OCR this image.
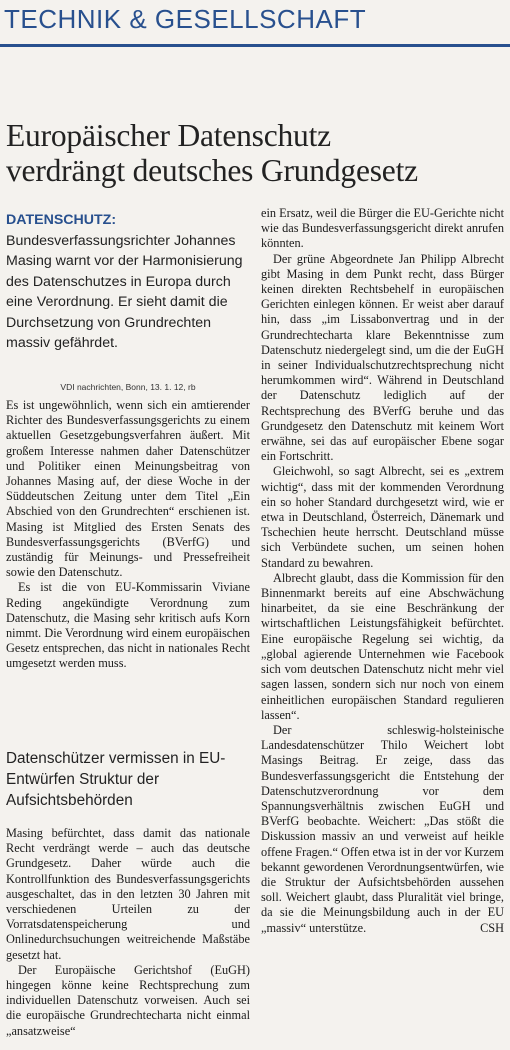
TECHNIK & GESELLSCHAFT
Europäischer Datenschutz
verdrängt deutsches Grundgesetz
DATENSCHUTZ: Bundesverfassungsrichter Johannes Masing warnt vor der Harmonisierung des Datenschutzes in Europa durch eine Verordnung. Er sieht damit die Durchsetzung von Grundrechten massiv gefährdet.
VDI nachrichten, Bonn, 13. 1. 12, rb

Es ist ungewöhnlich, wenn sich ein amtierender Richter des Bundesverfassungsgerichts zu einem aktuellen Gesetzgebungsverfahren äußert. Mit großem Interesse nahmen daher Datenschützer und Politiker einen Meinungsbeitrag von Johannes Masing auf, der diese Woche in der Süddeutschen Zeitung unter dem Titel „Ein Abschied von den Grundrechten“ erschienen ist. Masing ist Mitglied des Ersten Senats des Bundesverfassungsgerichts (BVerfG) und zuständig für Meinungs- und Pressefreiheit sowie den Datenschutz.

Es ist die von EU-Kommissarin Viviane Reding angekündigte Verordnung zum Datenschutz, die Masing sehr kritisch aufs Korn nimmt. Die Verordnung wird einem europäischen Gesetz entsprechen, das nicht in nationales Recht umgesetzt werden muss.

Datenschützer vermissen in EU-Entwürfen Struktur der Aufsichtsbehörden

Masing befürchtet, dass damit das nationale Recht verdrängt werde – auch das deutsche Grundgesetz. Daher würde auch die Kontrollfunktion des Bundesverfassungsgerichts ausgeschaltet, das in den letzten 30 Jahren mit verschiedenen Urteilen zu der Vorratsdatenspeicherung und Onlinedurchsuchungen weitreichende Maßstäbe gesetzt hat.

Der Europäische Gerichtshof (EuGH) hingegen könne keine Rechtsprechung zum individuellen Datenschutz vorweisen. Auch sei die europäische Grundrechtecharta nicht einmal „ansatzweise“

ein Ersatz, weil die Bürger die EU-Gerichte nicht wie das Bundesverfassungsgericht direkt anrufen könnten.

Der grüne Abgeordnete Jan Philipp Albrecht gibt Masing in dem Punkt recht, dass Bürger keinen direkten Rechtsbehelf in europäischen Gerichten einlegen können. Er weist aber darauf hin, dass „im Lissabonvertrag und in der Grundrechtecharta klare Bekenntnisse zum Datenschutz niedergelegt sind, um die der EuGH in seiner Individualschutzrechtsprechung nicht herumkommen wird“. Während in Deutschland der Datenschutz lediglich auf der Rechtsprechung des BVerfG beruhe und das Grundgesetz den Datenschutz mit keinem Wort erwähne, sei das auf europäischer Ebene sogar ein Fortschritt.

Gleichwohl, so sagt Albrecht, sei es „extrem wichtig“, dass mit der kommenden Verordnung ein so hoher Standard durchgesetzt wird, wie er etwa in Deutschland, Österreich, Dänemark und Tschechien heute herrscht. Deutschland müsse sich Verbündete suchen, um seinen hohen Standard zu bewahren.

Albrecht glaubt, dass die Kommission für den Binnenmarkt bereits auf eine Abschwächung hinarbeitet, da sie eine Beschränkung der wirtschaftlichen Leistungsfähigkeit befürchtet. Eine europäische Regelung sei wichtig, da „global agierende Unternehmen wie Facebook sich vom deutschen Datenschutz nicht mehr viel sagen lassen, sondern sich nur noch von einem einheitlichen europäischen Standard regulieren lassen“.

Der schleswig-holsteinische Landesdatenschützer Thilo Weichert lobt Masings Beitrag. Er zeige, dass das Bundesverfassungsgericht die Entstehung der Datenschutzverordnung vor dem Spannungsverhältnis zwischen EuGH und BVerfG beobachte. Weichert: „Das stößt die Diskussion massiv an und verweist auf heikle offene Fragen.“ Offen etwa ist in der vor Kurzem bekannt gewordenen Verordnungsentwürfen, wie die Struktur der Aufsichtsbehörden aussehen soll. Weichert glaubt, dass Pluralität viel bringe, da sie die Meinungsbildung auch in der EU „massiv“ unterstütze.	CSH
